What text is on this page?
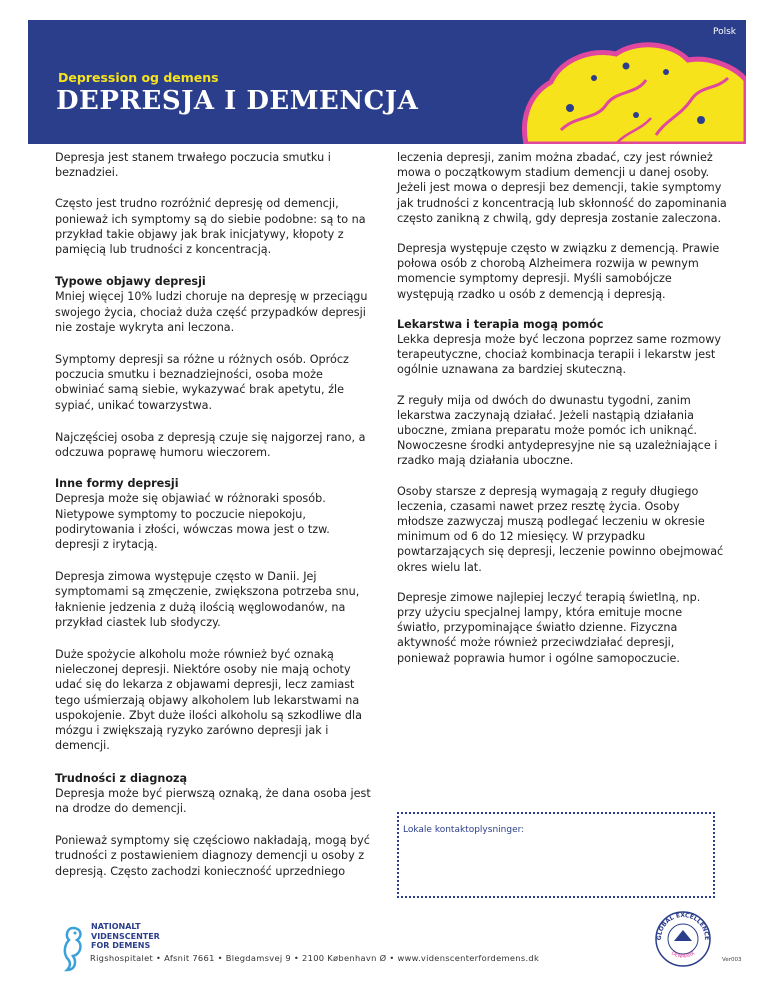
Polsk
Depression og demens
DEPRESJA I DEMENCJA

Depresja jest stanem trwałego poczucia smutku i beznadziei.

Często jest trudno rozróżnić depresję od demencji, ponieważ ich symptomy są do siebie podobne: są to na przykład takie objawy jak brak inicjatywy, kłopoty z pamięcią lub trudności z koncentracją.

Typowe objawy depresji
Mniej więcej 10% ludzi choruje na depresję w przeciągu swojego życia, chociaż duża część przypadków depresji nie zostaje wykryta ani leczona.

Symptomy depresji sa różne u różnych osób. Oprócz poczucia smutku i beznadziejności, osoba może obwiniać samą siebie, wykazywać brak apetytu, źle sypiać, unikać towarzystwa.

Najczęściej osoba z depresją czuje się najgorzej rano, a odczuwa poprawę humoru wieczorem.

Inne formy depresji
Depresja może się objawiać w różnoraki sposób. Nietypowe symptomy to poczucie niepokoju, podirytowania i złości, wówczas mowa jest o tzw. depresji z irytacją.

Depresja zimowa występuje często w Danii. Jej symptomami są zmęczenie, zwiększona potrzeba snu, łaknienie jedzenia z dużą ilością węglowodanów, na przykład ciastek lub słodyczy.

Duże spożycie alkoholu może również być oznaką nieleczonej depresji. Niektóre osoby nie mają ochoty udać się do lekarza z objawami depresji, lecz zamiast tego uśmierzają objawy alkoholem lub lekarstwami na uspokojenie. Zbyt duże ilości alkoholu są szkodliwe dla mózgu i zwiększają ryzyko zarówno depresji jak i demencji.

Trudności z diagnozą
Depresja może być pierwszą oznaką, że dana osoba jest na drodze do demencji.

Ponieważ symptomy się częściowo nakładają, mogą być trudności z postawieniem diagnozy demencji u osoby z depresją. Często zachodzi konieczność uprzedniego

leczenia depresji, zanim można zbadać, czy jest również mowa o początkowym stadium demencji u danej osoby. Jeżeli jest mowa o depresji bez demencji, takie symptomy jak trudności z koncentracją lub skłonność do zapominania często zanikną z chwilą, gdy depresja zostanie zaleczona.

Depresja występuje często w związku z demencją. Prawie połowa osób z chorobą Alzheimera rozwija w pewnym momencie symptomy depresji. Myśli samobójcze występują rzadko u osób z demencją i depresją.

Lekarstwa i terapia mogą pomóc
Lekka depresja może być leczona poprzez same rozmowy terapeutyczne, chociaż kombinacja terapii i lekarstw jest ogólnie uznawana za bardziej skuteczną.

Z reguły mija od dwóch do dwunastu tygodni, zanim lekarstwa zaczynają działać. Jeżeli nastąpią działania uboczne, zmiana preparatu może pomóc ich uniknąć. Nowoczesne środki antydepresyjne nie są uzależniające i rzadko mają działania uboczne.

Osoby starsze z depresją wymagają z reguły długiego leczenia, czasami nawet przez resztę życia. Osoby młodsze zazwyczaj muszą podlegać leczeniu w okresie minimum od 6 do 12 miesięcy. W przypadku powtarzających się depresji, leczenie powinno obejmować okres wielu lat.

Depresje zimowe najlepiej leczyć terapią świetlną, np. przy użyciu specjalnej lampy, która emituje mocne światło, przypominające światło dzienne. Fizyczna aktywność może również przeciwdziałać depresji, ponieważ poprawia humor i ogólne samopoczucie.

Lokale kontaktoplysninger:
NATIONALT
VIDENSCENTER
FOR DEMENS
Rigshospitalet • Afsnit 7661 • Blegdamsvej 9 • 2100 København Ø • www.videnscenterfordemens.dk
GLOBAL EXCELLENCE
DENMARK
Ver003
